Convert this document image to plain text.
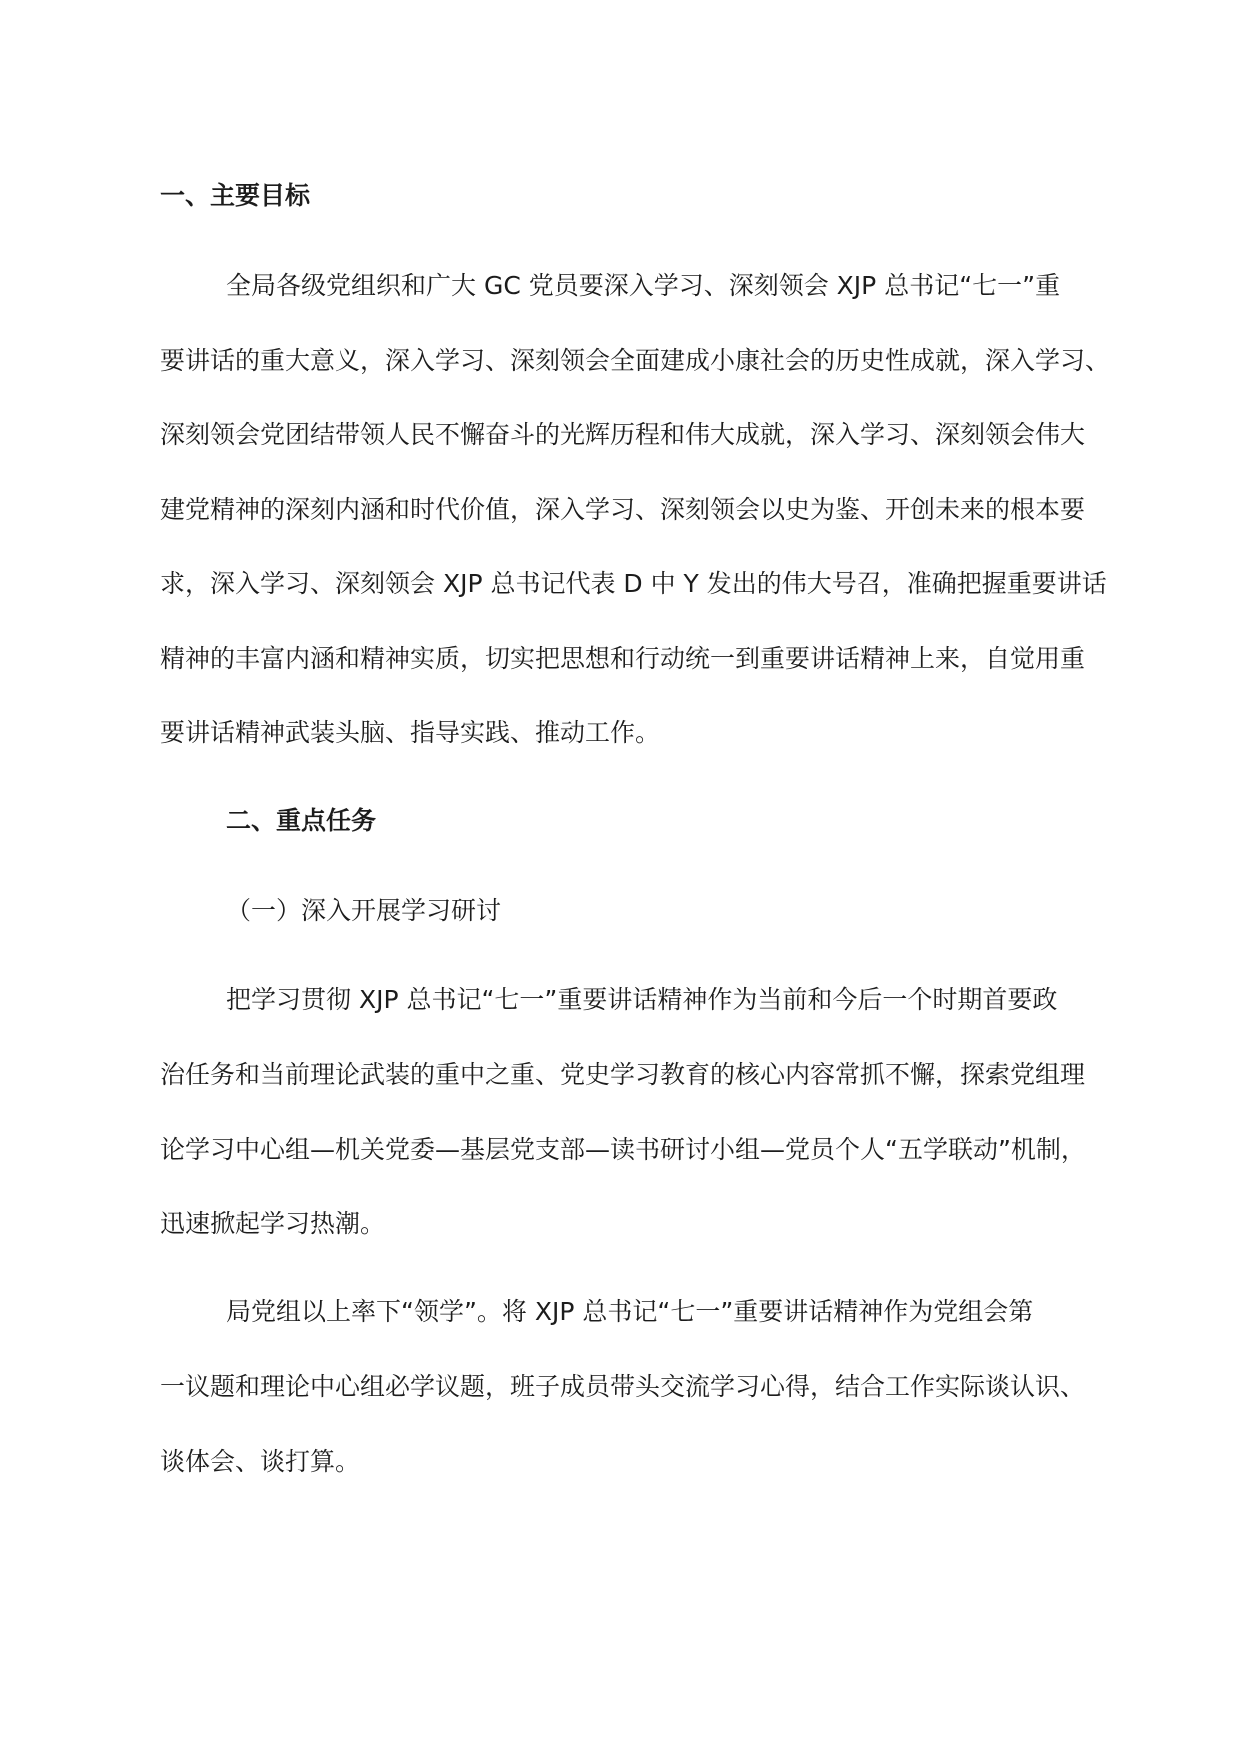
一、主要目标
全局各级党组织和广大 GC 党员要深入学习、深刻领会 XJP 总书记“七一”重
要讲话的重大意义，深入学习、深刻领会全面建成小康社会的历史性成就，深入学习、
深刻领会党团结带领人民不懈奋斗的光辉历程和伟大成就，深入学习、深刻领会伟大
建党精神的深刻内涵和时代价值，深入学习、深刻领会以史为鉴、开创未来的根本要
求，深入学习、深刻领会 XJP 总书记代表 D 中 Y 发出的伟大号召，准确把握重要讲话
精神的丰富内涵和精神实质，切实把思想和行动统一到重要讲话精神上来，自觉用重
要讲话精神武装头脑、指导实践、推动工作。
二、重点任务
（一）深入开展学习研讨
把学习贯彻 XJP 总书记“七一”重要讲话精神作为当前和今后一个时期首要政
治任务和当前理论武装的重中之重、党史学习教育的核心内容常抓不懈，探索党组理
论学习中心组—机关党委—基层党支部—读书研讨小组—党员个人“五学联动”机制，
迅速掀起学习热潮。
局党组以上率下“领学”。将 XJP 总书记“七一”重要讲话精神作为党组会第
一议题和理论中心组必学议题，班子成员带头交流学习心得，结合工作实际谈认识、
谈体会、谈打算。
